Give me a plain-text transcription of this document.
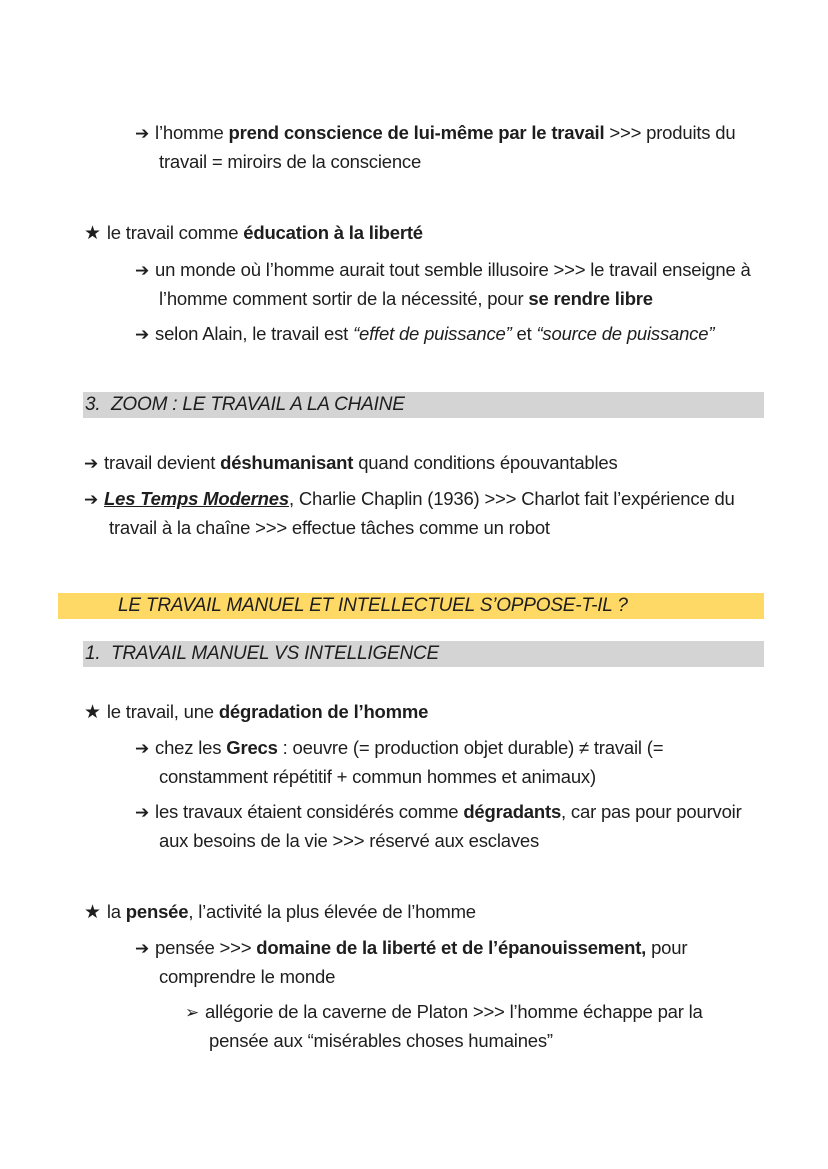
➔ l’homme prend conscience de lui-même par le travail >>> produits du
travail = miroirs de la conscience
★ le travail comme éducation à la liberté
➔ un monde où l’homme aurait tout semble illusoire >>> le travail enseigne à
l’homme comment sortir de la nécessité, pour se rendre libre
➔ selon Alain, le travail est “effet de puissance” et “source de puissance”
3. ZOOM : LE TRAVAIL A LA CHAINE
➔ travail devient déshumanisant quand conditions épouvantables
➔ Les Temps Modernes, Charlie Chaplin (1936) >>> Charlot fait l’expérience du
travail à la chaîne >>> effectue tâches comme un robot
LE TRAVAIL MANUEL ET INTELLECTUEL S’OPPOSE-T-IL ?
1. TRAVAIL MANUEL VS INTELLIGENCE
★ le travail, une dégradation de l’homme
➔ chez les Grecs : oeuvre (= production objet durable) ≠ travail (=
constamment répétitif + commun hommes et animaux)
➔ les travaux étaient considérés comme dégradants, car pas pour pourvoir
aux besoins de la vie >>> réservé aux esclaves
★ la pensée, l’activité la plus élevée de l’homme
➔ pensée >>> domaine de la liberté et de l’épanouissement, pour
comprendre le monde
➢ allégorie de la caverne de Platon >>> l’homme échappe par la
pensée aux “misérables choses humaines”
